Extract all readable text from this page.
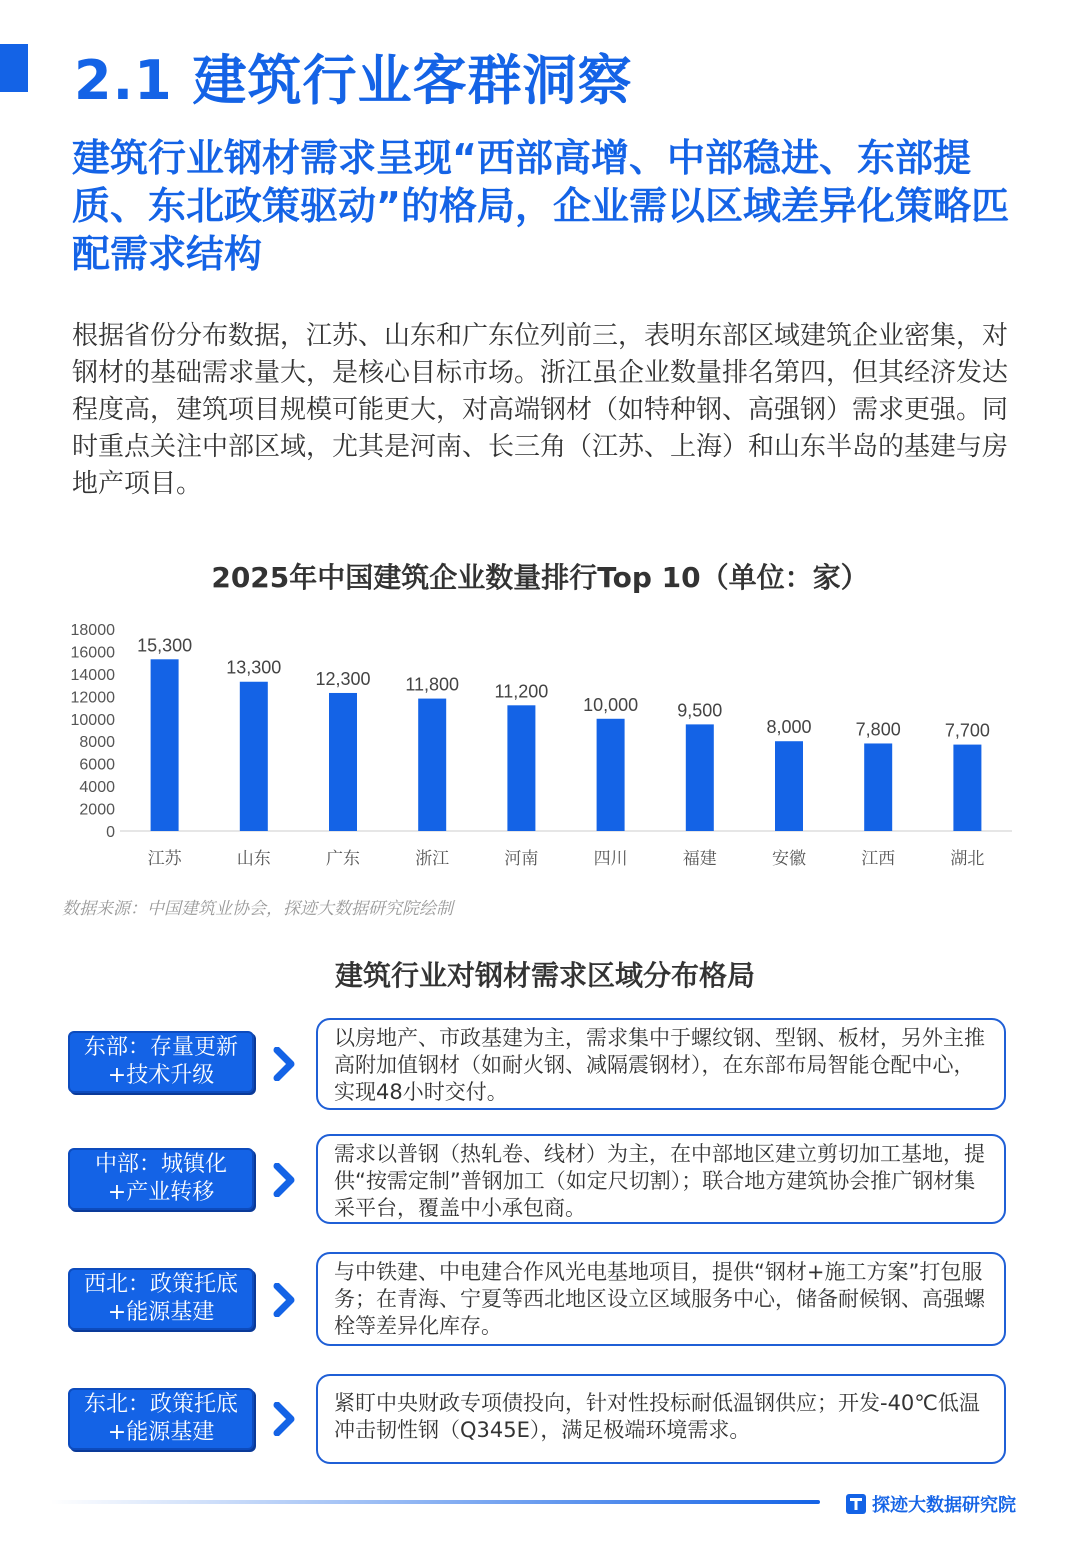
2.1 建筑行业客群洞察
建筑行业钢材需求呈现“西部高增、中部稳进、东部提质、东北政策驱动”的格局，企业需以区域差异化策略匹配需求结构

根据省份分布数据，江苏、山东和广东位列前三，表明东部区域建筑企业密集，对钢材的基础需求量大，是核心目标市场。浙江虽企业数量排名第四，但其经济发达程度高，建筑项目规模可能更大，对高端钢材（如特种钢、高强钢）需求更强。同时重点关注中部区域，尤其是河南、长三角（江苏、上海）和山东半岛的基建与房地产项目。

2025年中国建筑企业数量排行Top 10（单位：家）
0
2000
4000
6000
8000
10000
12000
14000
16000
18000
15,300
江苏
13,300
山东
12,300
广东
11,800
浙江
11,200
河南
10,000
四川
9,500
福建
8,000
安徽
7,800
江西
7,700
湖北
数据来源：中国建筑业协会，探迹大数据研究院绘制
建筑行业对钢材需求区域分布格局
东部：存量更新+技术升级
以房地产、市政基建为主，需求集中于螺纹钢、型钢、板材，另外主推高附加值钢材（如耐火钢、减隔震钢材），在东部布局智能仓配中心，实现48小时交付。
中部：城镇化+产业转移
需求以普钢（热轧卷、线材）为主，在中部地区建立剪切加工基地，提供“按需定制”普钢加工（如定尺切割）；联合地方建筑协会推广钢材集采平台，覆盖中小承包商。
西北：政策托底+能源基建
与中铁建、中电建合作风光电基地项目，提供“钢材+施工方案”打包服务；在青海、宁夏等西北地区设立区域服务中心，储备耐候钢、高强螺栓等差异化库存。
东北：政策托底+能源基建
紧盯中央财政专项债投向，针对性投标耐低温钢供应；开发-40℃低温冲击韧性钢（Q345E），满足极端环境需求。
探迹大数据研究院
